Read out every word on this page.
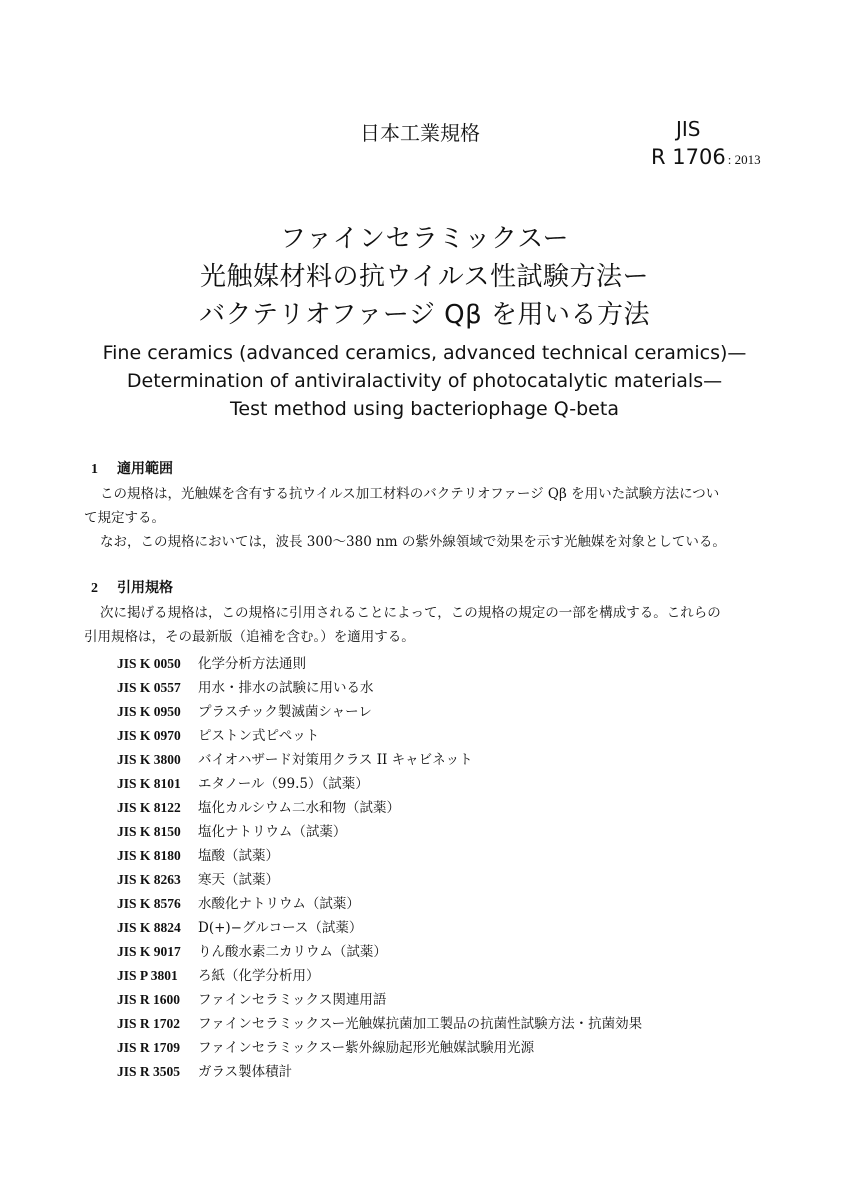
日本工業規格	JIS
R 1706 : 2013
ファインセラミックスー
光触媒材料の抗ウイルス性試験方法ー
バクテリオファージ Qβ を用いる方法
Fine ceramics (advanced ceramics, advanced technical ceramics)—
Determination of antiviralactivity of photocatalytic materials—
Test method using bacteriophage Q-beta
1 適用範囲
この規格は，光触媒を含有する抗ウイルス加工材料のバクテリオファージ Qβ を用いた試験方法につい
て規定する。
なお，この規格においては，波長 300～380 nm の紫外線領域で効果を示す光触媒を対象としている。
2 引用規格
次に掲げる規格は，この規格に引用されることによって，この規格の規定の一部を構成する。これらの
引用規格は，その最新版（追補を含む。）を適用する。
JIS K 0050 化学分析方法通則
JIS K 0557 用水・排水の試験に用いる水
JIS K 0950 プラスチック製滅菌シャーレ
JIS K 0970 ピストン式ピペット
JIS K 3800 バイオハザード対策用クラス II キャビネット
JIS K 8101 エタノール（99.5）（試薬）
JIS K 8122 塩化カルシウム二水和物（試薬）
JIS K 8150 塩化ナトリウム（試薬）
JIS K 8180 塩酸（試薬）
JIS K 8263 寒天（試薬）
JIS K 8576 水酸化ナトリウム（試薬）
JIS K 8824 D(+)−グルコース（試薬）
JIS K 9017 りん酸水素二カリウム（試薬）
JIS P 3801 ろ紙（化学分析用）
JIS R 1600 ファインセラミックス関連用語
JIS R 1702 ファインセラミックスー光触媒抗菌加工製品の抗菌性試験方法・抗菌効果
JIS R 1709 ファインセラミックスー紫外線励起形光触媒試験用光源
JIS R 3505 ガラス製体積計
